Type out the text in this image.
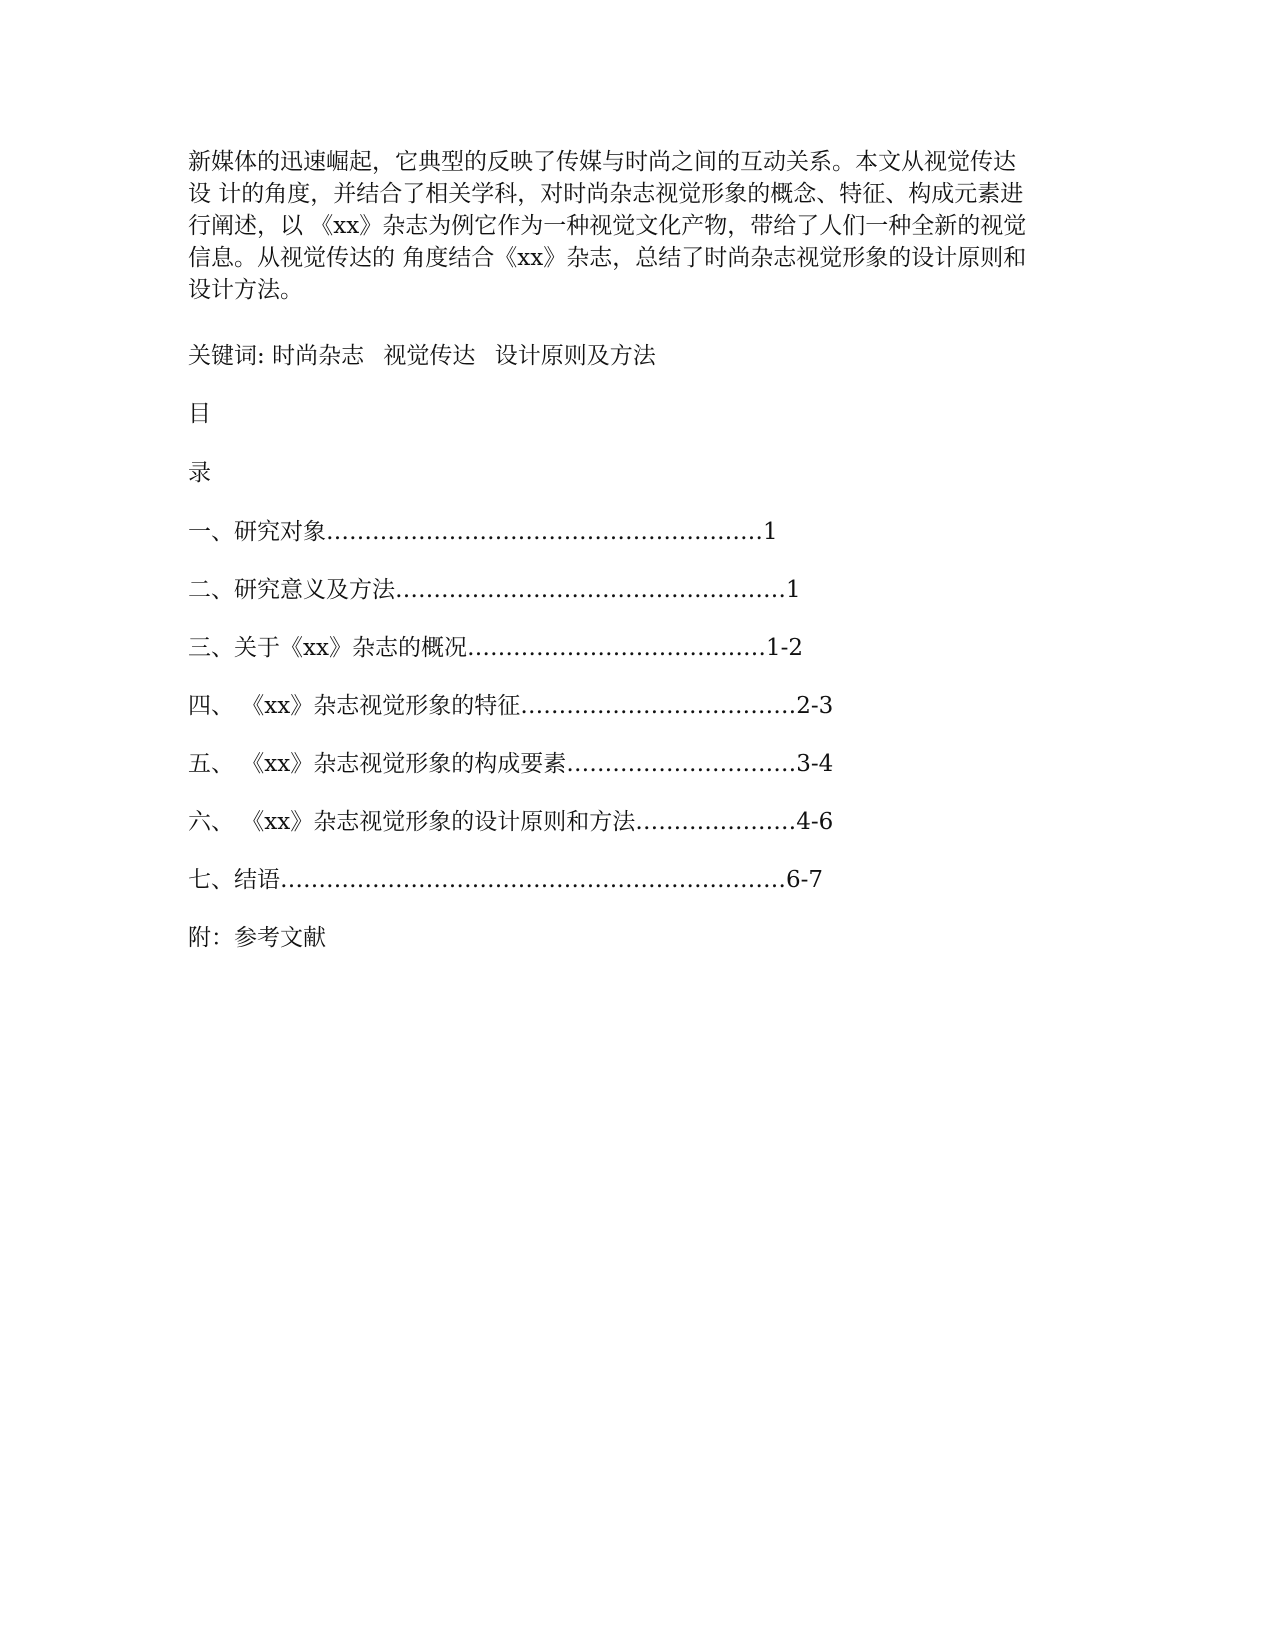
新媒体的迅速崛起，它典型的反映了传媒与时尚之间的互动关系。本文从视觉传达
设 计的角度，并结合了相关学科，对时尚杂志视觉形象的概念、特征、构成元素进
行阐述，以 《xx》杂志为例它作为一种视觉文化产物，带给了人们一种全新的视觉
信息。从视觉传达的 角度结合《xx》杂志，总结了时尚杂志视觉形象的设计原则和
设计方法。

关键词: 时尚杂志 视觉传达 设计原则及方法

目

录

一、研究对象…………………………………………………1
二、研究意义及方法……………………………………………1
三、关于《xx》杂志的概况…………………………………1-2
四、 《xx》杂志视觉形象的特征………………………………2-3
五、 《xx》杂志视觉形象的构成要素…………………………3-4
六、 《xx》杂志视觉形象的设计原则和方法…………………4-6
七、结语…………………………………………………………6-7
附：参考文献
